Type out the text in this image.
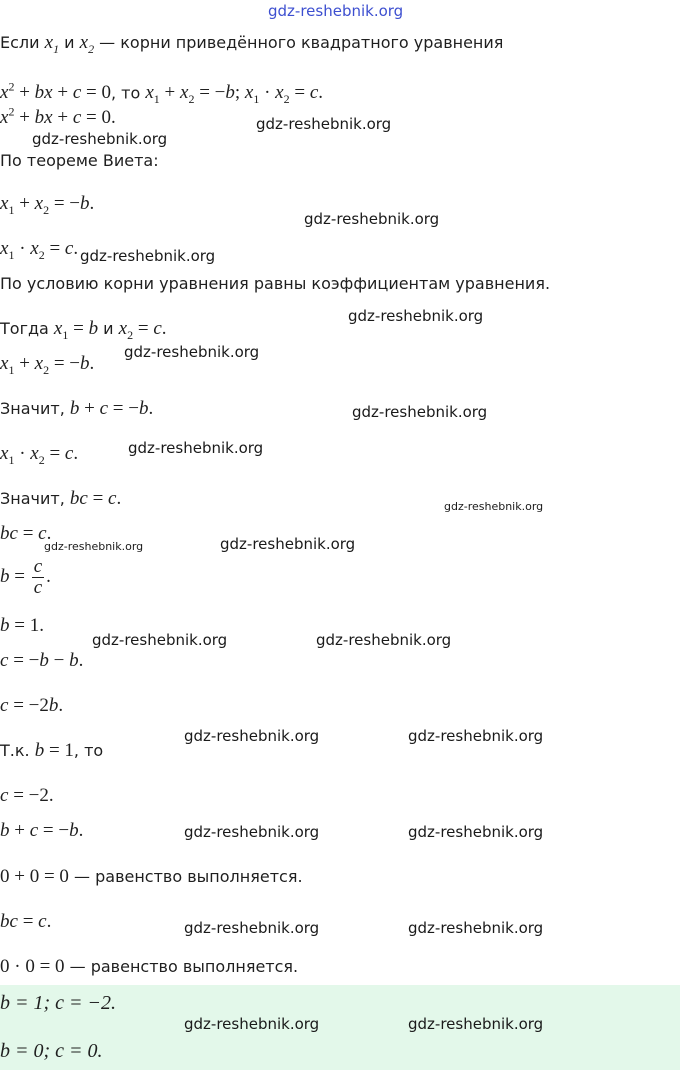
gdz-reshebnik.org
Если $x_1$ и $x_2$ — корни приведённого квадратного уравнения
$x^2$ + bx + c = 0, то $x_1 + x_2 = -b$; $x_1 \cdot x_2 = c$.
$x^2$ + bx + c = 0.
По теореме Виета:
$x_1 + x_2 = -b$.
$x_1 \cdot x_2 = c$.
По условию корни уравнения равны коэффициентам уравнения.
Тогда $x_1 = b$ и $x_2 = c$.
$x_1 + x_2 = -b$.
Значит, b + c = −b.
$x_1 \cdot x_2 = c$.
Значит, bc = c.
bc = c.
$b = \frac{c}{c}$ .
b = 1.
c = −b − b.
c = −2b.
Т.к. b = 1, то
c = −2.
b + c = −b.
0 + 0 = 0 — равенство выполняется.
bc = c.
0 · 0 = 0 — равенство выполняется.
b = 1; c = −2.
b = 0; c = 0.
gdz-reshebnik.org
gdz-reshebnik.org
gdz-reshebnik.org
gdz-reshebnik.org
gdz-reshebnik.org
gdz-reshebnik.org
gdz-reshebnik.org
gdz-reshebnik.org
gdz-reshebnik.org
gdz-reshebnik.org	gdz-reshebnik.org
gdz-reshebnik.org	gdz-reshebnik.org
gdz-reshebnik.org	gdz-reshebnik.org
gdz-reshebnik.org	gdz-reshebnik.org
gdz-reshebnik.org	gdz-reshebnik.org
gdz-reshebnik.org	gdz-reshebnik.org
